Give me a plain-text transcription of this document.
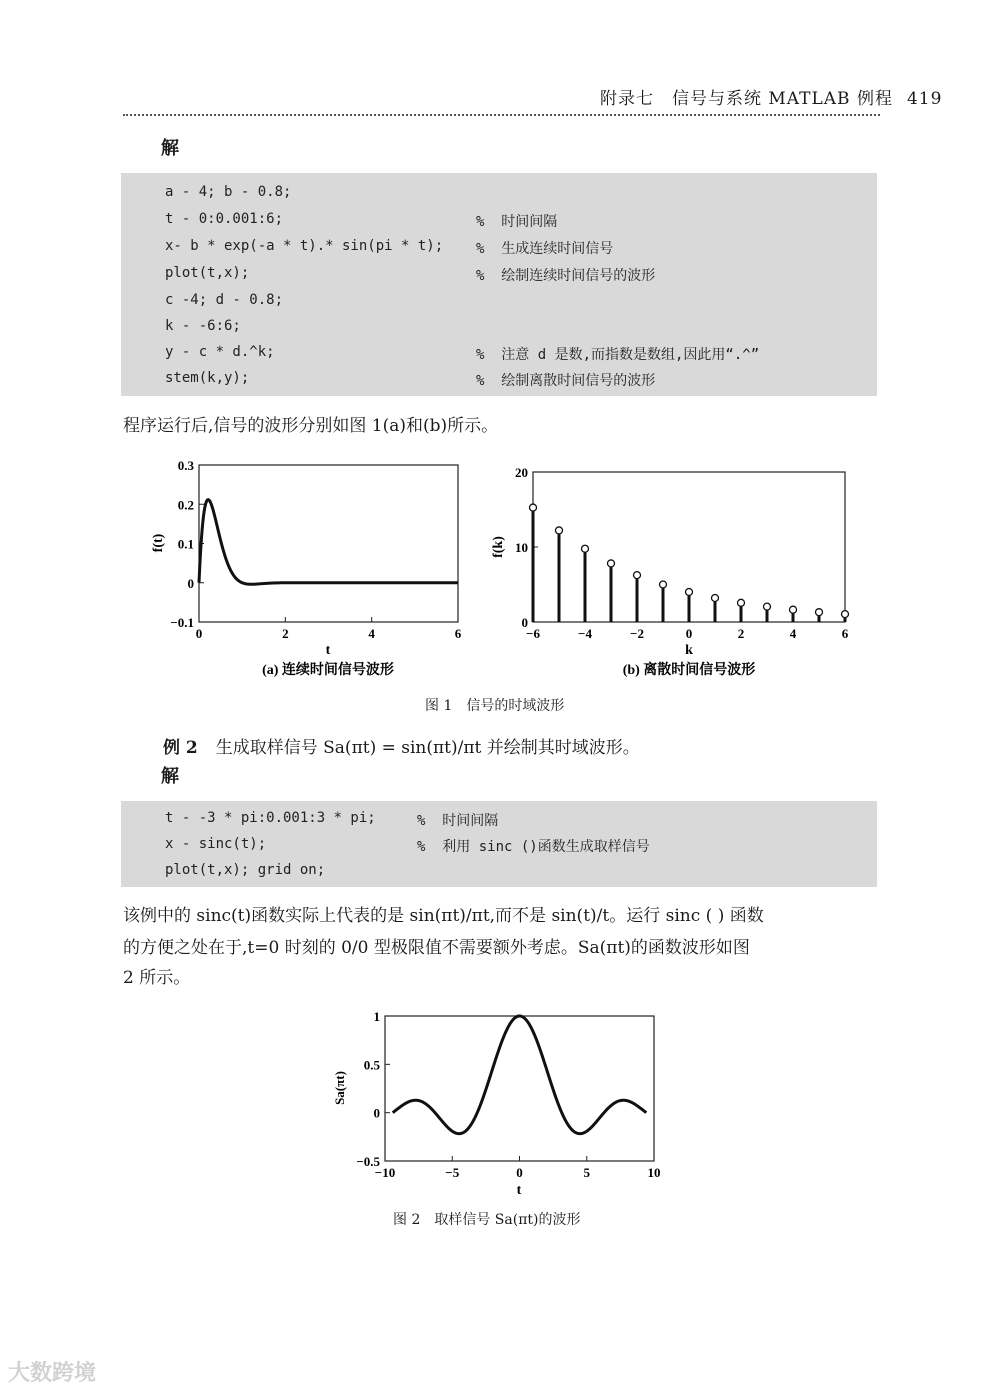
附录七　信号与系统 MATLAB 例程 419
解
a - 4; b - 0.8;
t - 0:0.001:6;	%  时间间隔
x- b * exp(-a * t).* sin(pi * t); %  生成连续时间信号
plot(t,x);	%  绘制连续时间信号的波形
c -4; d - 0.8;
k - -6:6;
y - c * d.^k;	%  注意 d 是数,而指数是数组,因此用“.^”
stem(k,y);	%  绘制离散时间信号的波形
程序运行后,信号的波形分别如图 1(a)和(b)所示。
0.3
0.2
0.1
0
−0.1
0	2	4	6
t
f(t)
(a) 连续时间信号波形
20
10
0
−6	−4	−2	0	2	4	6
k
f(k)
(b) 离散时间信号波形
图 1　信号的时域波形
例 2 生成取样信号 Sa(πt) = sin(πt)/πt 并绘制其时域波形。
解
t - -3 * pi:0.001:3 * pi;	%  时间间隔
x - sinc(t);	%  利用 sinc ()函数生成取样信号
plot(t,x); grid on;
该例中的 sinc(t)函数实际上代表的是 sin(πt)/πt,而不是 sin(t)/t。运行 sinc ( ) 函数
的方便之处在于,t=0 时刻的 0/0 型极限值不需要额外考虑。Sa(πt)的函数波形如图
2 所示。
1
0.5
0
−0.5
−10	−5	0	5	10
t
Sa(πt)
图 2　取样信号 Sa(πt)的波形
大数跨境
